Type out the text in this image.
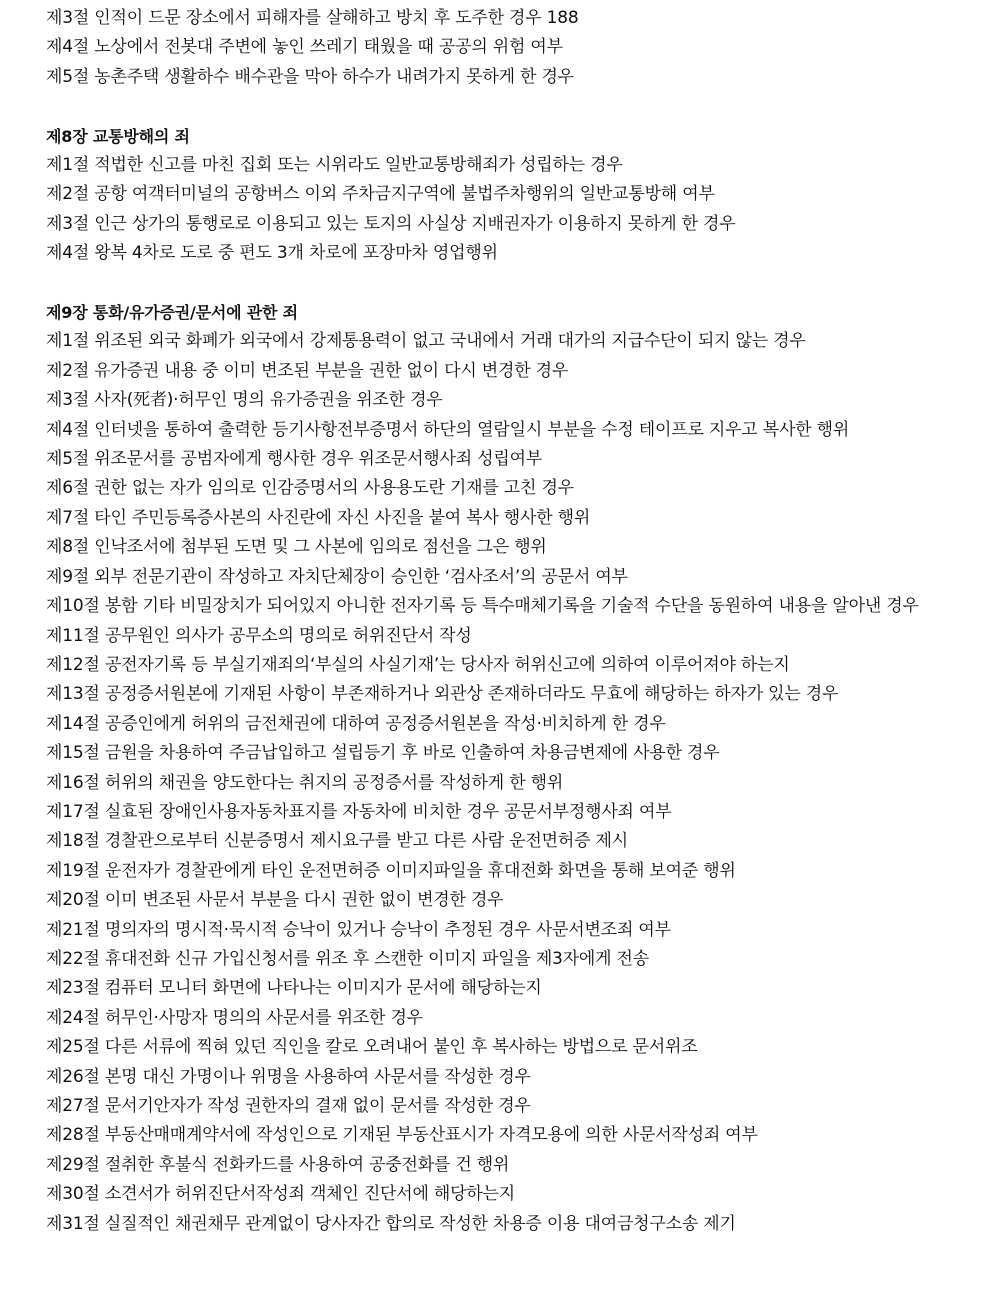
제3절 인적이 드문 장소에서 피해자를 살해하고 방치 후 도주한 경우 188
제4절 노상에서 전봇대 주변에 놓인 쓰레기 태웠을 때 공공의 위험 여부
제5절 농촌주택 생활하수 배수관을 막아 하수가 내려가지 못하게 한 경우
제8장 교통방해의 죄
제1절 적법한 신고를 마친 집회 또는 시위라도 일반교통방해죄가 성립하는 경우
제2절 공항 여객터미널의 공항버스 이외 주차금지구역에 불법주차행위의 일반교통방해 여부
제3절 인근 상가의 통행로로 이용되고 있는 토지의 사실상 지배권자가 이용하지 못하게 한 경우
제4절 왕복 4차로 도로 중 편도 3개 차로에 포장마차 영업행위
제9장 통화/유가증권/문서에 관한 죄
제1절 위조된 외국 화폐가 외국에서 강제통용력이 없고 국내에서 거래 대가의 지급수단이 되지 않는 경우
제2절 유가증권 내용 중 이미 변조된 부분을 권한 없이 다시 변경한 경우
제3절 사자(死者)·허무인 명의 유가증권을 위조한 경우
제4절 인터넷을 통하여 출력한 등기사항전부증명서 하단의 열람일시 부분을 수정 테이프로 지우고 복사한 행위
제5절 위조문서를 공범자에게 행사한 경우 위조문서행사죄 성립여부
제6절 권한 없는 자가 임의로 인감증명서의 사용용도란 기재를 고친 경우
제7절 타인 주민등록증사본의 사진란에 자신 사진을 붙여 복사 행사한 행위
제8절 인낙조서에 첨부된 도면 및 그 사본에 임의로 점선을 그은 행위
제9절 외부 전문기관이 작성하고 자치단체장이 승인한 ‘검사조서’의 공문서 여부
제10절 봉함 기타 비밀장치가 되어있지 아니한 전자기록 등 특수매체기록을 기술적 수단을 동원하여 내용을 알아낸 경우
제11절 공무원인 의사가 공무소의 명의로 허위진단서 작성
제12절 공전자기록 등 부실기재죄의‘부실의 사실기재’는 당사자 허위신고에 의하여 이루어져야 하는지
제13절 공정증서원본에 기재된 사항이 부존재하거나 외관상 존재하더라도 무효에 해당하는 하자가 있는 경우
제14절 공증인에게 허위의 금전채권에 대하여 공정증서원본을 작성·비치하게 한 경우
제15절 금원을 차용하여 주금납입하고 설립등기 후 바로 인출하여 차용금변제에 사용한 경우
제16절 허위의 채권을 양도한다는 취지의 공정증서를 작성하게 한 행위
제17절 실효된 장애인사용자동차표지를 자동차에 비치한 경우 공문서부정행사죄 여부
제18절 경찰관으로부터 신분증명서 제시요구를 받고 다른 사람 운전면허증 제시
제19절 운전자가 경찰관에게 타인 운전면허증 이미지파일을 휴대전화 화면을 통해 보여준 행위
제20절 이미 변조된 사문서 부분을 다시 권한 없이 변경한 경우
제21절 명의자의 명시적·묵시적 승낙이 있거나 승낙이 추정된 경우 사문서변조죄 여부
제22절 휴대전화 신규 가입신청서를 위조 후 스캔한 이미지 파일을 제3자에게 전송
제23절 컴퓨터 모니터 화면에 나타나는 이미지가 문서에 해당하는지
제24절 허무인·사망자 명의의 사문서를 위조한 경우
제25절 다른 서류에 찍혀 있던 직인을 칼로 오려내어 붙인 후 복사하는 방법으로 문서위조
제26절 본명 대신 가명이나 위명을 사용하여 사문서를 작성한 경우
제27절 문서기안자가 작성 권한자의 결재 없이 문서를 작성한 경우
제28절 부동산매매계약서에 작성인으로 기재된 부동산표시가 자격모용에 의한 사문서작성죄 여부
제29절 절취한 후불식 전화카드를 사용하여 공중전화를 건 행위
제30절 소견서가 허위진단서작성죄 객체인 진단서에 해당하는지
제31절 실질적인 채권채무 관계없이 당사자간 합의로 작성한 차용증 이용 대여금청구소송 제기
